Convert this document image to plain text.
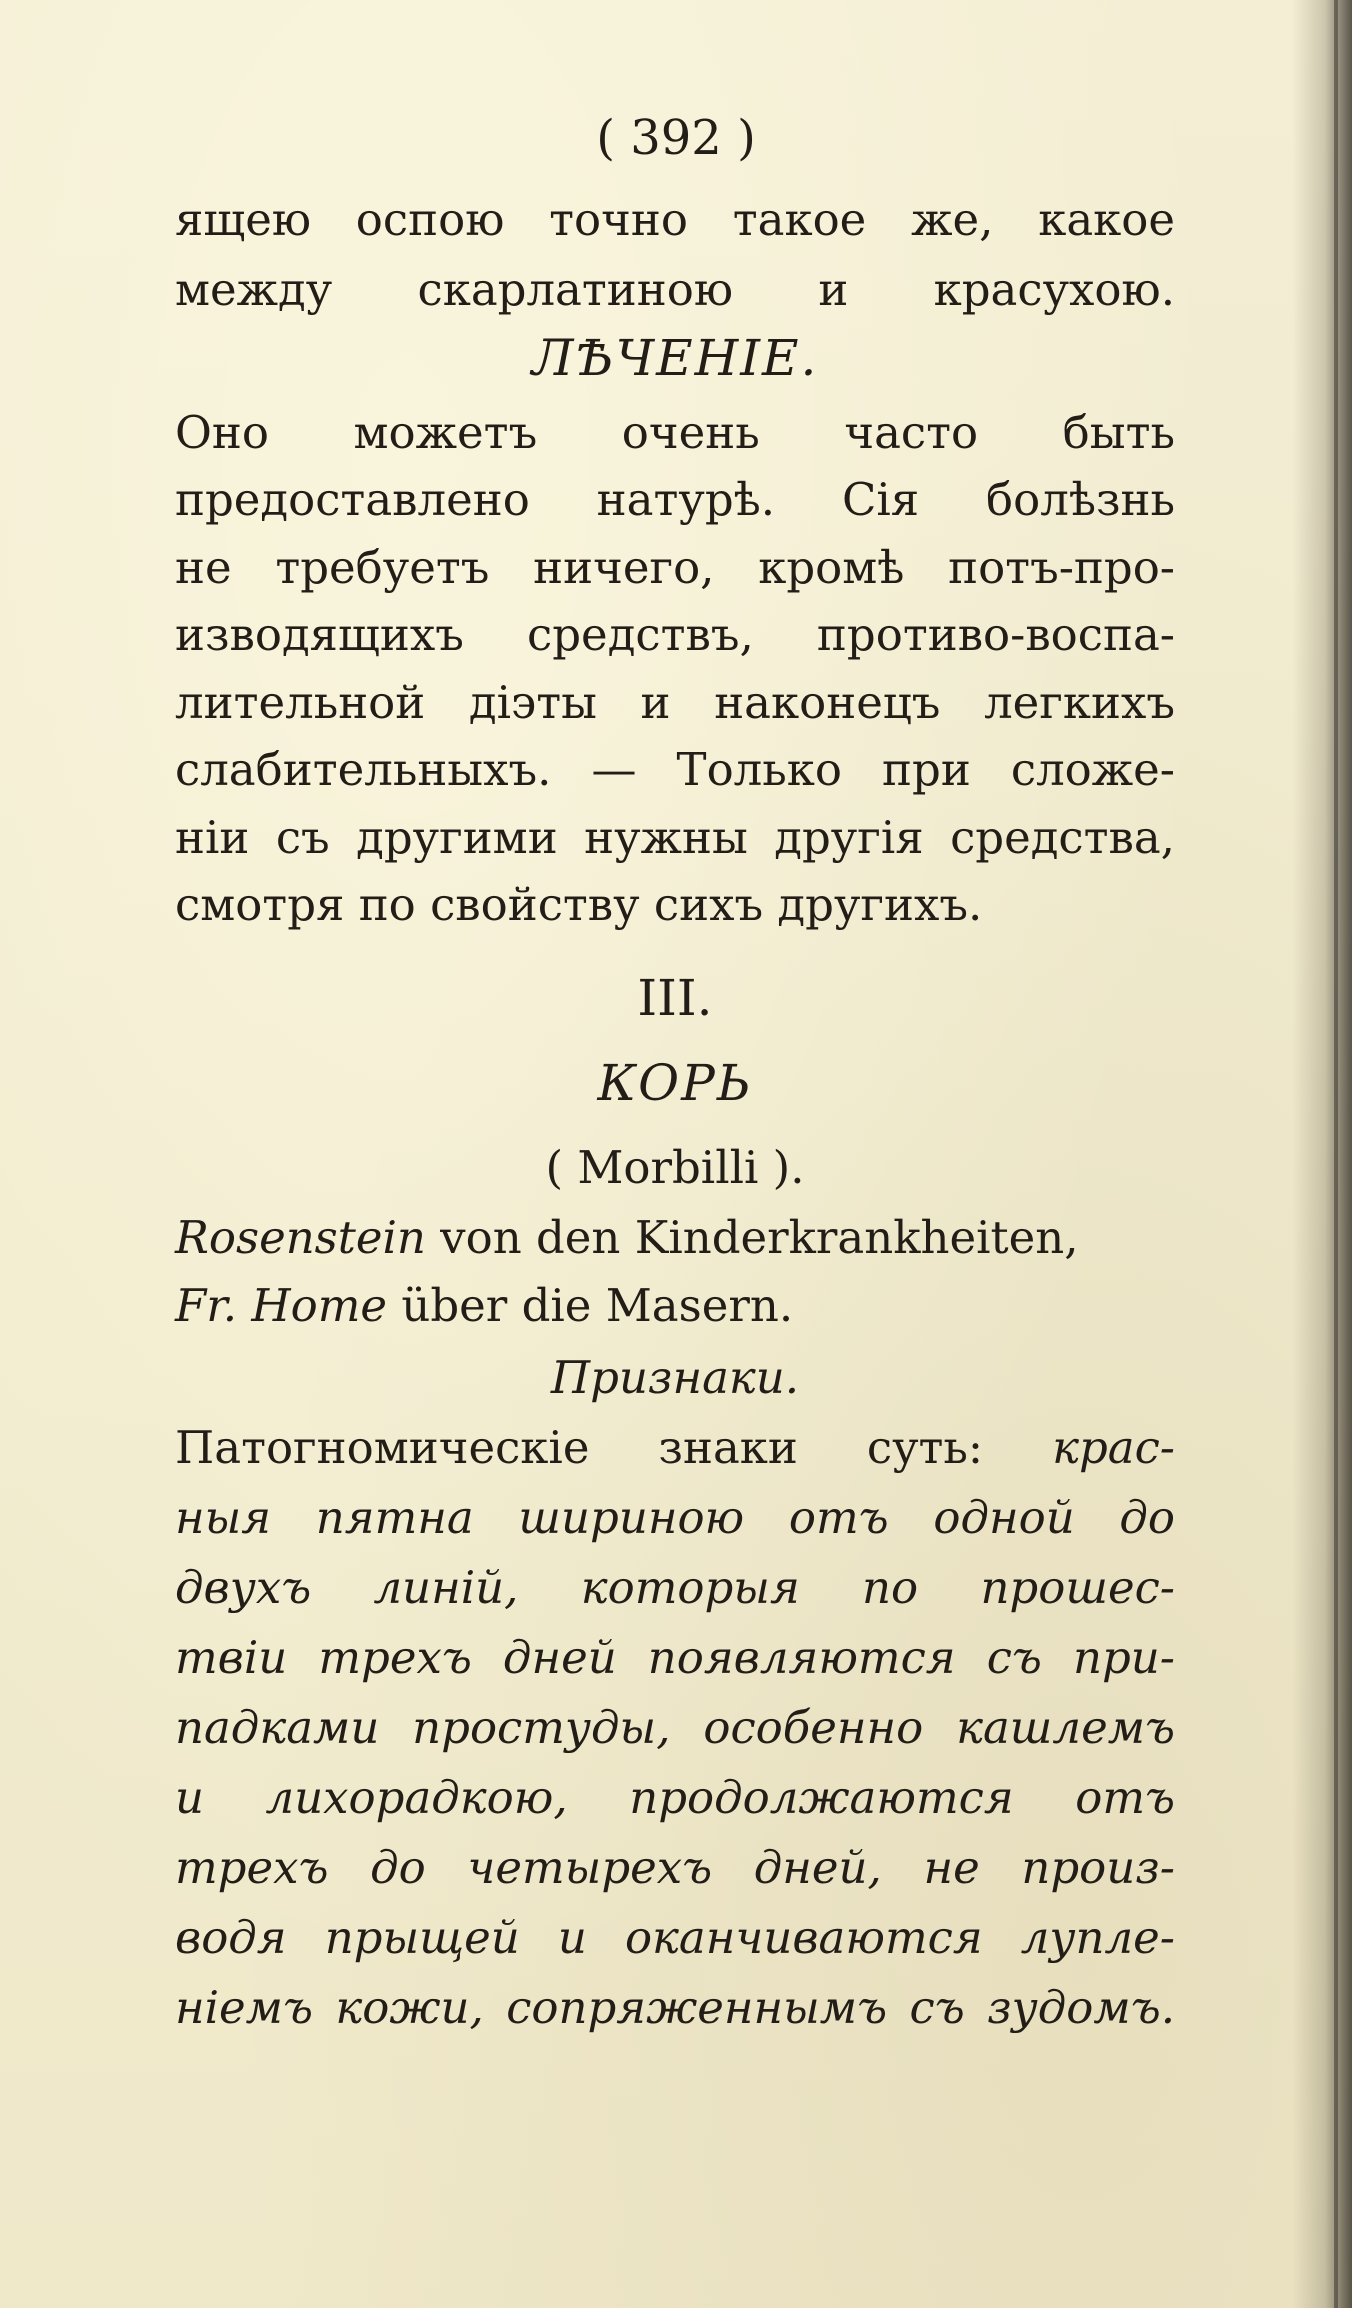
( 392 )
ящею оспою точно такое же, какое
между скарлатиною и красухою.
ЛѢЧЕНІЕ.
Оно можетъ очень часто быть
предоставлено натурѣ. Сія болѣзнь
не требуетъ ничего, кромѣ потъ-про-
изводящихъ средствъ, противо-воспа-
лительной діэты и наконецъ легкихъ
слабительныхъ. — Только при сложе-
ніи съ другими нужны другія средства,
смотря по свойству сихъ другихъ.
III.
КОРЬ
( Morbilli ).
Rosenstein von den Kinderkrankheiten,
Fr. Home über die Masern.
Признаки.
Патогномическіе знаки суть: крас-
ныя пятна шириною отъ одной до
двухъ линій, которыя по прошес-
твіи трехъ дней появляются съ при-
падками простуды, особенно кашлемъ
и лихорадкою, продолжаются отъ
трехъ до четырехъ дней, не произ-
водя прыщей и оканчиваются лупле-
ніемъ кожи, сопряженнымъ съ зудомъ.
